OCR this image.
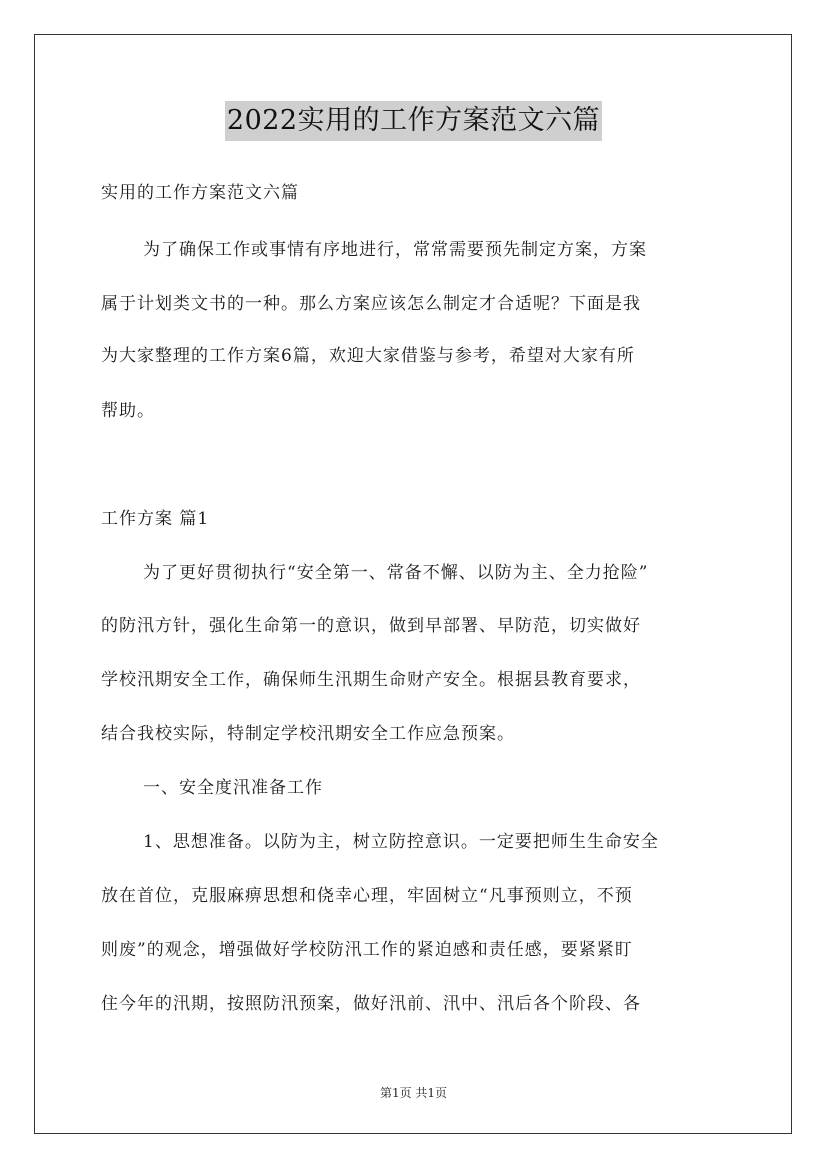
2022实用的工作方案范文六篇
实用的工作方案范文六篇
为了确保工作或事情有序地进行，常常需要预先制定方案，方案
属于计划类文书的一种。那么方案应该怎么制定才合适呢？下面是我
为大家整理的工作方案6篇，欢迎大家借鉴与参考，希望对大家有所
帮助。
工作方案 篇1
为了更好贯彻执行“安全第一、常备不懈、以防为主、全力抢险”
的防汛方针，强化生命第一的意识，做到早部署、早防范，切实做好
学校汛期安全工作，确保师生汛期生命财产安全。根据县教育要求，
结合我校实际，特制定学校汛期安全工作应急预案。
一、安全度汛准备工作
1、思想准备。以防为主，树立防控意识。一定要把师生生命安全
放在首位，克服麻痹思想和侥幸心理，牢固树立“凡事预则立，不预
则废”的观念，增强做好学校防汛工作的紧迫感和责任感，要紧紧盯
住今年的汛期，按照防汛预案，做好汛前、汛中、汛后各个阶段、各
第1页 共1页
